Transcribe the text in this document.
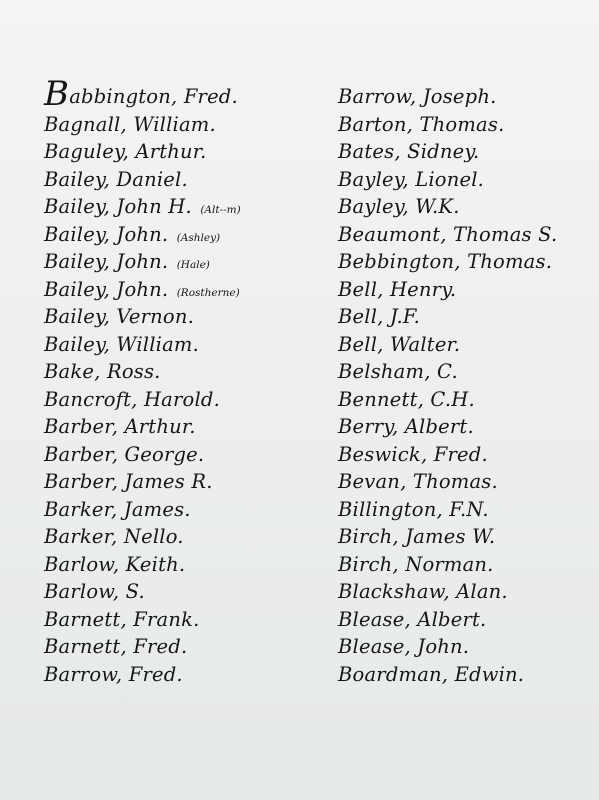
Babbington, Fred.
Bagnall, William.
Baguley, Arthur.
Bailey, Daniel.
Bailey, John H. (Alt--m)
Bailey, John. (Ashley)
Bailey, John. (Hale)
Bailey, John. (Rostherne)
Bailey, Vernon.
Bailey, William.
Bake, Ross.
Bancroft, Harold.
Barber, Arthur.
Barber, George.
Barber, James R.
Barker, James.
Barker, Nello.
Barlow, Keith.
Barlow, S.
Barnett, Frank.
Barnett, Fred.
Barrow, Fred.
Barrow, Joseph.
Barton, Thomas.
Bates, Sidney.
Bayley, Lionel.
Bayley, W.K.
Beaumont, Thomas S.
Bebbington, Thomas.
Bell, Henry.
Bell, J.F.
Bell, Walter.
Belsham, C.
Bennett, C.H.
Berry, Albert.
Beswick, Fred.
Bevan, Thomas.
Billington, F.N.
Birch, James W.
Birch, Norman.
Blackshaw, Alan.
Blease, Albert.
Blease, John.
Boardman, Edwin.
